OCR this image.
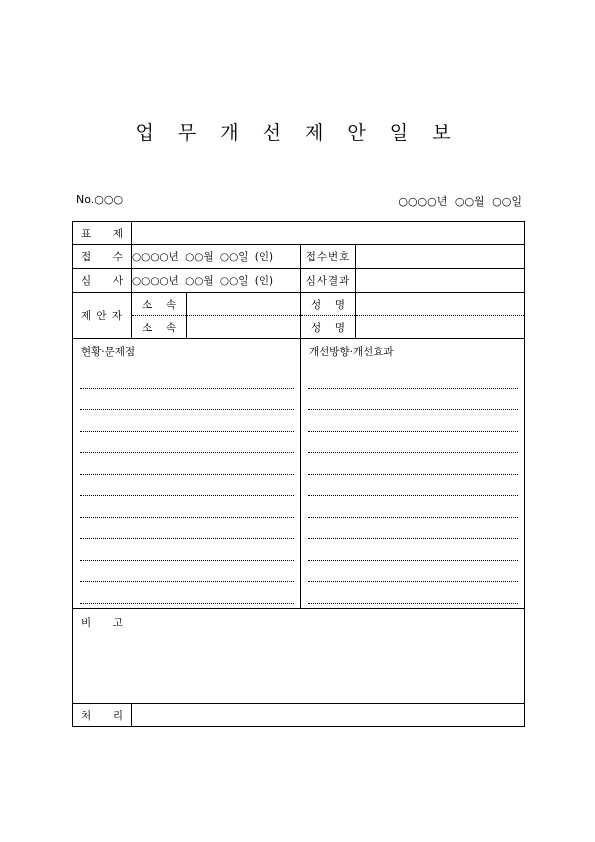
업 무 개 선 제 안 일 보
No.○○○	○○○○년 ○○월 ○○일
표 제				

접 수	○○○○년 ○○월 ○○일 (인)		접수번호	

심 사	○○○○년 ○○월 ○○일 (인)		심사결과	
제 안 자	소 속		성 명	

	소 속		성 명	

현황·문제점			개선방향·개선효과	

비 고				

처 리				
